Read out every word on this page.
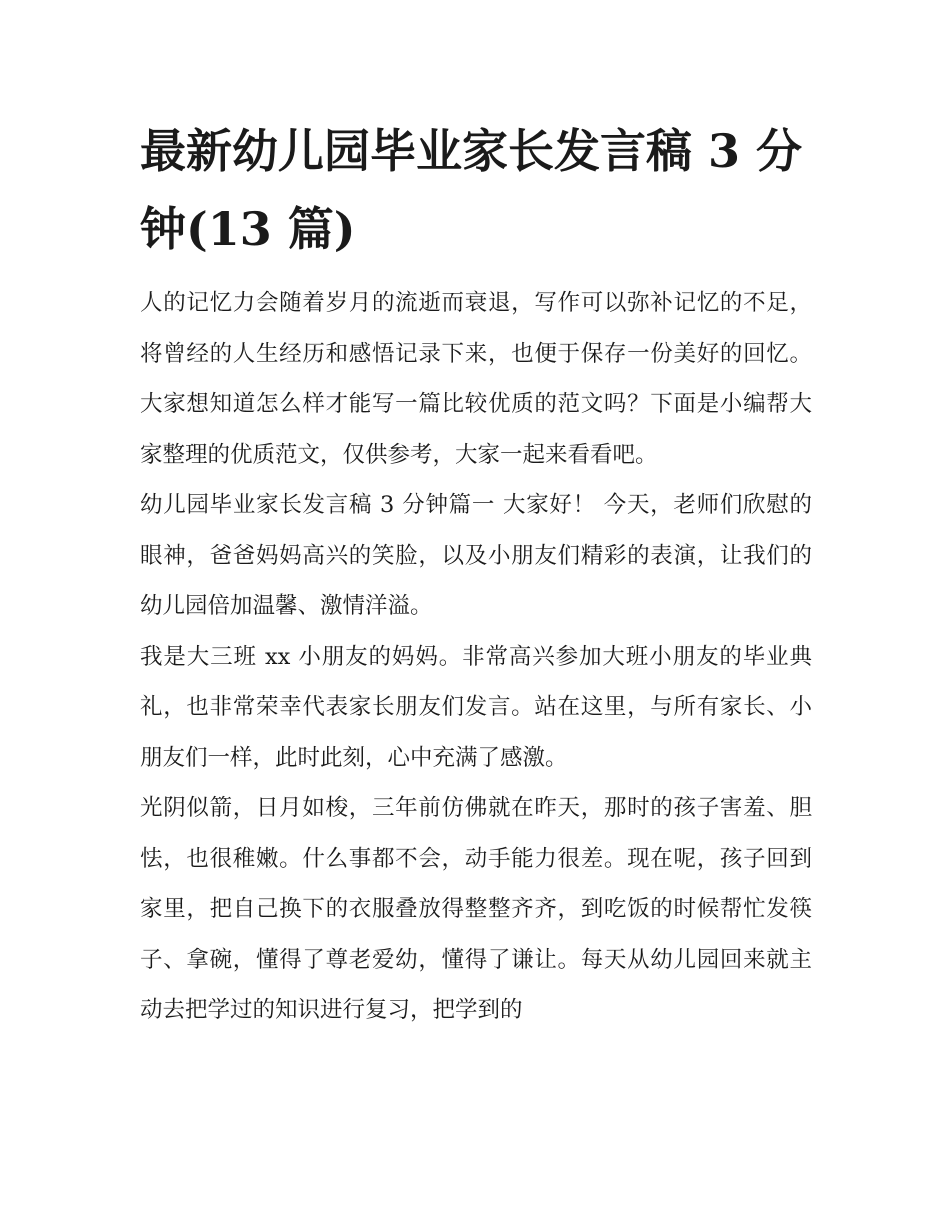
最新幼儿园毕业家长发言稿 3 分钟(13 篇)

人的记忆力会随着岁月的流逝而衰退，写作可以弥补记忆的不足，将曾经的人生经历和感悟记录下来，也便于保存一份美好的回忆。大家想知道怎么样才能写一篇比较优质的范文吗？下面是小编帮大家整理的优质范文，仅供参考，大家一起来看看吧。

幼儿园毕业家长发言稿 3 分钟篇一 大家好！ 今天，老师们欣慰的眼神，爸爸妈妈高兴的笑脸，以及小朋友们精彩的表演，让我们的幼儿园倍加温馨、激情洋溢。

我是大三班 xx 小朋友的妈妈。非常高兴参加大班小朋友的毕业典礼，也非常荣幸代表家长朋友们发言。站在这里，与所有家长、小朋友们一样，此时此刻，心中充满了感激。

光阴似箭，日月如梭，三年前仿佛就在昨天，那时的孩子害羞、胆怯，也很稚嫩。什么事都不会，动手能力很差。现在呢，孩子回到家里，把自己换下的衣服叠放得整整齐齐，到吃饭的时候帮忙发筷子、拿碗，懂得了尊老爱幼，懂得了谦让。每天从幼儿园回来就主动去把学过的知识进行复习，把学到的
